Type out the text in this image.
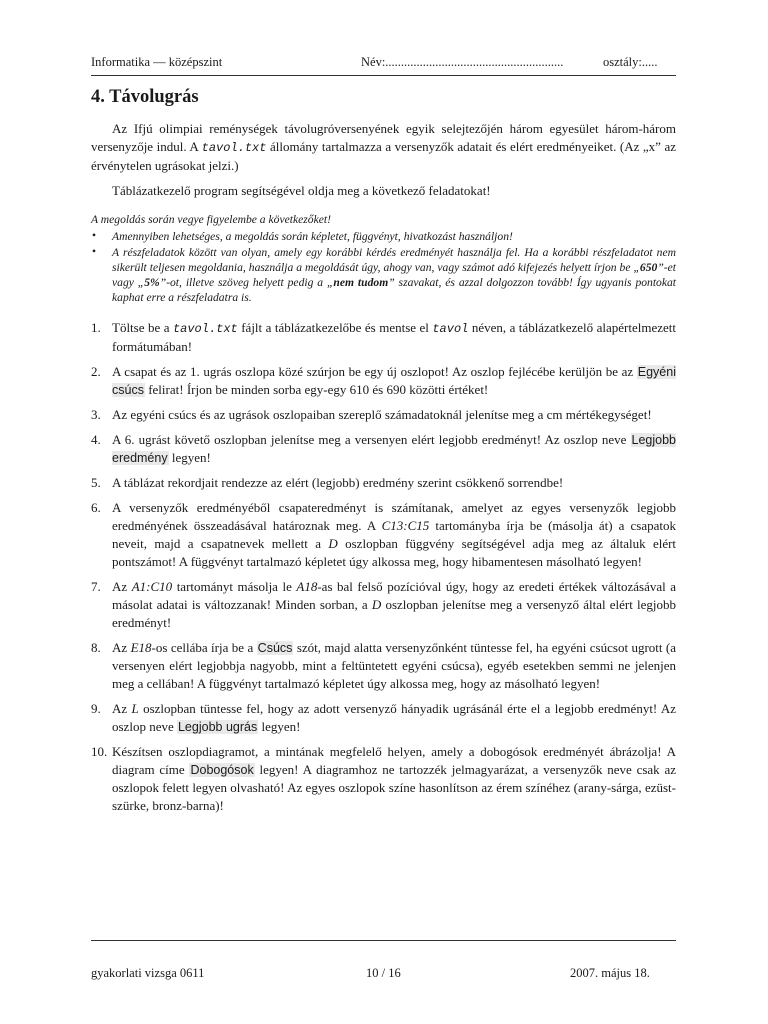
Informatika — középszint	Név:.........................................................	osztály:.....
4. Távolugrás

Az Ifjú olimpiai reménységek távolugróversenyének egyik selejtezőjén három egyesület három-három versenyzője indul. A tavol.txt állomány tartalmazza a versenyzők adatait és elért eredményeiket. (Az „x” az érvénytelen ugrásokat jelzi.)

Táblázatkezelő program segítségével oldja meg a következő feladatokat!

A megoldás során vegye figyelembe a következőket!
• Amennyiben lehetséges, a megoldás során képletet, függvényt, hivatkozást használjon!
• A részfeladatok között van olyan, amely egy korábbi kérdés eredményét használja fel. Ha a korábbi részfeladatot nem sikerült teljesen megoldania, használja a megoldását úgy, ahogy van, vagy számot adó kifejezés helyett írjon be „650”-et vagy „5%”-ot, illetve szöveg helyett pedig a „nem tudom” szavakat, és azzal dolgozzon tovább! Így ugyanis pontokat kaphat erre a részfeladatra is.
1. Töltse be a tavol.txt fájlt a táblázatkezelőbe és mentse el tavol néven, a táblázatkezelő alapértelmezett formátumában!
2. A csapat és az 1. ugrás oszlopa közé szúrjon be egy új oszlopot! Az oszlop fejlécébe kerüljön be az Egyéni csúcs felirat! Írjon be minden sorba egy-egy 610 és 690 közötti értéket!
3. Az egyéni csúcs és az ugrások oszlopaiban szereplő számadatoknál jelenítse meg a cm mértékegységet!
4. A 6. ugrást követő oszlopban jelenítse meg a versenyen elért legjobb eredményt! Az oszlop neve Legjobb eredmény legyen!
5. A táblázat rekordjait rendezze az elért (legjobb) eredmény szerint csökkenő sorrendbe!
6. A versenyzők eredményéből csapateredményt is számítanak, amelyet az egyes versenyzők legjobb eredményének összeadásával határoznak meg. A C13:C15 tartományba írja be (másolja át) a csapatok neveit, majd a csapatnevek mellett a D oszlopban függvény segítségével adja meg az általuk elért pontszámot! A függvényt tartalmazó képletet úgy alkossa meg, hogy hibamentesen másolható legyen!
7. Az A1:C10 tartományt másolja le A18-as bal felső pozícióval úgy, hogy az eredeti értékek változásával a másolat adatai is változzanak! Minden sorban, a D oszlopban jelenítse meg a versenyző által elért legjobb eredményt!
8. Az E18-os cellába írja be a Csúcs szót, majd alatta versenyzőnként tüntesse fel, ha egyéni csúcsot ugrott (a versenyen elért legjobbja nagyobb, mint a feltüntetett egyéni csúcsa), egyéb esetekben semmi ne jelenjen meg a cellában! A függvényt tartalmazó képletet úgy alkossa meg, hogy az másolható legyen!
9. Az L oszlopban tüntesse fel, hogy az adott versenyző hányadik ugrásánál érte el a legjobb eredményt! Az oszlop neve Legjobb ugrás legyen!
10. Készítsen oszlopdiagramot, a mintának megfelelő helyen, amely a dobogósok eredményét ábrázolja! A diagram címe Dobogósok legyen! A diagramhoz ne tartozzék jelmagyarázat, a versenyzők neve csak az oszlopok felett legyen olvasható! Az egyes oszlopok színe hasonlítson az érem színéhez (arany-sárga, ezüst-szürke, bronz-barna)!
gyakorlati vizsga 0611	10 / 16	2007. május 18.
